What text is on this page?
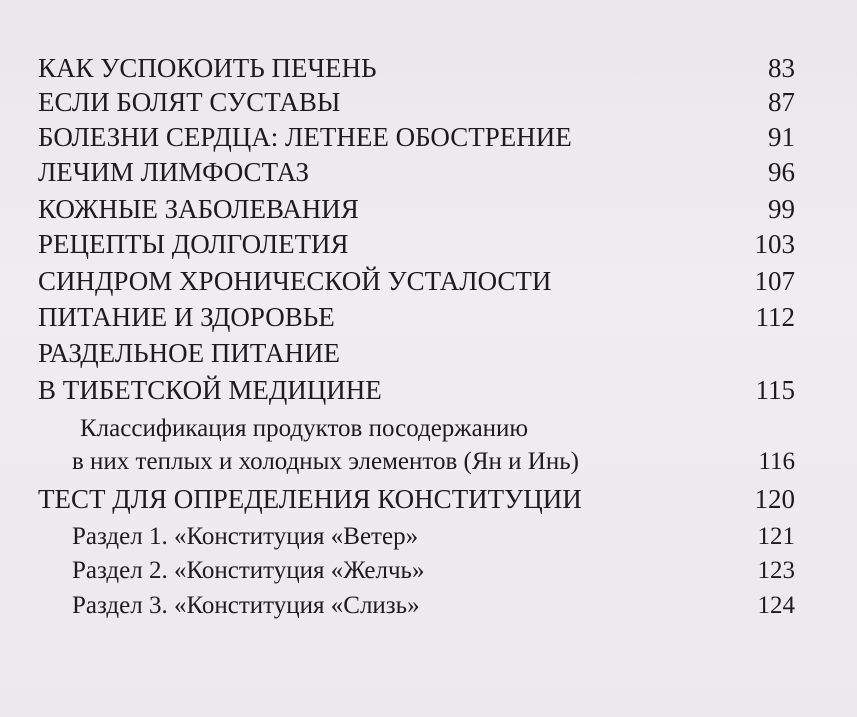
КАК УСПОКОИТЬ ПЕЧЕНЬ	83
ЕСЛИ БОЛЯТ СУСТАВЫ	87
БОЛЕЗНИ СЕРДЦА: ЛЕТНЕЕ ОБОСТРЕНИЕ	91
ЛЕЧИМ ЛИМФОСТАЗ	96
КОЖНЫЕ ЗАБОЛЕВАНИЯ	99
РЕЦЕПТЫ ДОЛГОЛЕТИЯ	103
СИНДРОМ ХРОНИЧЕСКОЙ УСТАЛОСТИ	107
ПИТАНИЕ И ЗДОРОВЬЕ	112
РАЗДЕЛЬНОЕ ПИТАНИЕ
В ТИБЕТСКОЙ МЕДИЦИНЕ	115
Классификация продуктов посодержанию
в них теплых и холодных элементов (Ян и Инь)	116
ТЕСТ ДЛЯ ОПРЕДЕЛЕНИЯ КОНСТИТУЦИИ	120
Раздел 1. «Конституция «Ветер»	121
Раздел 2. «Конституция «Желчь»	123
Раздел 3. «Конституция «Слизь»	124
